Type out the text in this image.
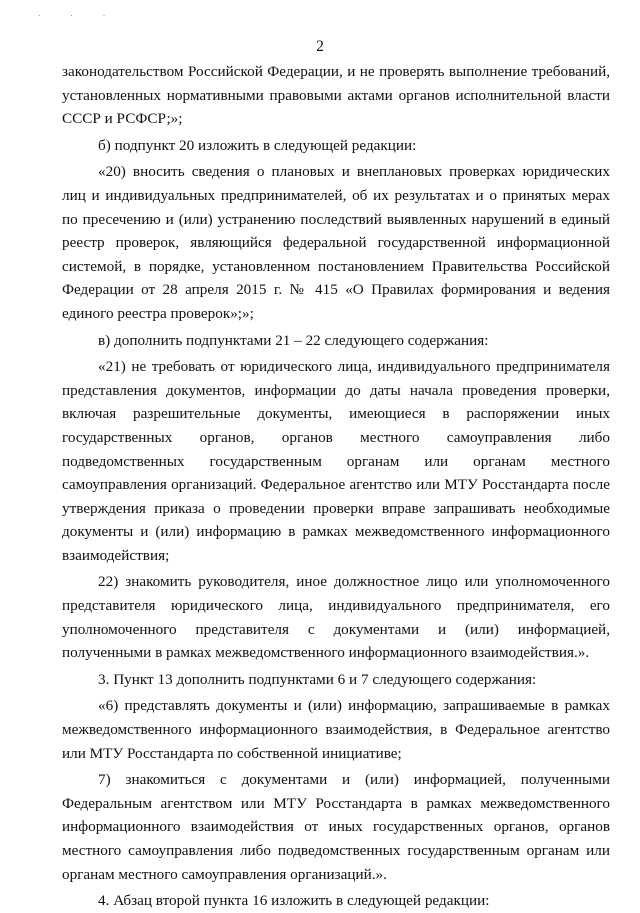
· · ·
2

законодательством Российской Федерации, и не проверять выполнение требований, установленных нормативными правовыми актами органов исполнительной власти СССР и РСФСР;»;

б) подпункт 20 изложить в следующей редакции:

«20) вносить сведения о плановых и внеплановых проверках юридических лиц и индивидуальных предпринимателей, об их результатах и о принятых мерах по пресечению и (или) устранению последствий выявленных нарушений в единый реестр проверок, являющийся федеральной государственной информационной системой, в порядке, установленном постановлением Правительства Российской Федерации от 28 апреля 2015 г. № 415 «О Правилах формирования и ведения единого реестра проверок»;»;

в) дополнить подпунктами 21 – 22 следующего содержания:

«21) не требовать от юридического лица, индивидуального предпринимателя представления документов, информации до даты начала проведения проверки, включая разрешительные документы, имеющиеся в распоряжении иных государственных органов, органов местного самоуправления либо подведомственных государственным органам или органам местного самоуправления организаций. Федеральное агентство или МТУ Росстандарта после утверждения приказа о проведении проверки вправе запрашивать необходимые документы и (или) информацию в рамках межведомственного информационного взаимодействия;

22) знакомить руководителя, иное должностное лицо или уполномоченного представителя юридического лица, индивидуального предпринимателя, его уполномоченного представителя с документами и (или) информацией, полученными в рамках межведомственного информационного взаимодействия.».

3. Пункт 13 дополнить подпунктами 6 и 7 следующего содержания:

«6) представлять документы и (или) информацию, запрашиваемые в рамках межведомственного информационного взаимодействия, в Федеральное агентство или МТУ Росстандарта по собственной инициативе;

7) знакомиться с документами и (или) информацией, полученными Федеральным агентством или МТУ Росстандарта в рамках межведомственного информационного взаимодействия от иных государственных органов, органов местного самоуправления либо подведомственных государственным органам или органам местного самоуправления организаций.».

4. Абзац второй пункта 16 изложить в следующей редакции:
